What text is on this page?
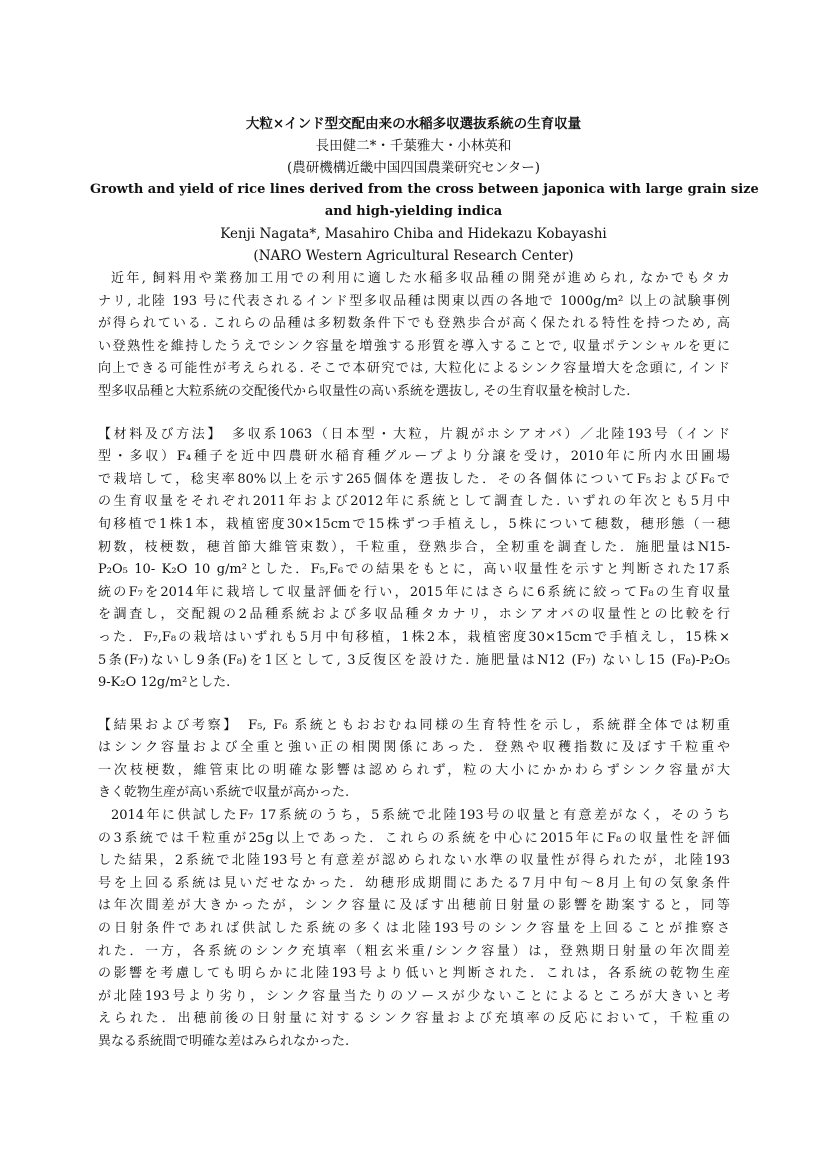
大粒×インド型交配由来の水稲多収選抜系統の生育収量
長田健二*・千葉雅大・小林英和
(農研機構近畿中国四国農業研究センター)
Growth and yield of rice lines derived from the cross between japonica with large grain size
and high-yielding indica
Kenji Nagata*, Masahiro Chiba and Hidekazu Kobayashi
(NARO Western Agricultural Research Center)
近年, 飼料用や業務加工用での利用に適した水稲多収品種の開発が進められ, なかでもタカ
ナリ, 北陸 193 号に代表されるインド型多収品種は関東以西の各地で 1000g/m² 以上の試験事例
が得られている. これらの品種は多籾数条件下でも登熟歩合が高く保たれる特性を持つため, 高
い登熟性を維持したうえでシンク容量を増強する形質を導入することで, 収量ポテンシャルを更に
向上できる可能性が考えられる. そこで本研究では, 大粒化によるシンク容量増大を念頭に, インド
型多収品種と大粒系統の交配後代から収量性の高い系統を選抜し, その生育収量を検討した.
【材料及び方法】　多収系1063（日本型・大粒，片親がホシアオバ）／北陸193号（インド
型・多収）F₄種子を近中四農研水稲育種グループより分譲を受け，2010年に所内水田圃場
で栽培して，稔実率80%以上を示す265個体を選抜した．その各個体についてF₅およびF₆で
の生育収量をそれぞれ2011年および2012年に系統として調査した. いずれの年次とも5月中
旬移植で1株1本，栽植密度30×15cmで15株ずつ手植えし，5株について穂数，穂形態（一穂
籾数，枝梗数，穂首節大維管束数），千粒重，登熟歩合，全籾重を調査した．施肥量はN15-
P₂O₅ 10- K₂O 10 g/m²とした．F₅,F₆での結果をもとに，高い収量性を示すと判断された17系
統のF₇を2014年に栽培して収量評価を行い，2015年にはさらに6系統に絞ってF₈の生育収量
を調査し，交配親の2品種系統および多収品種タカナリ，ホシアオバの収量性との比較を行
った．F₇,F₈の栽培はいずれも5月中旬移植，1株2本，栽植密度30×15cmで手植えし，15株×
5条(F₇)ないし9条(F₈)を1区として, 3反復区を設けた. 施肥量はN12 (F₇) ないし15 (F₈)-P₂O₅
9-K₂O 12g/m²とした.
【結果および考察】　F₅, F₆ 系統ともおおむね同様の生育特性を示し，系統群全体では籾重
はシンク容量および全重と強い正の相関関係にあった．登熟や収穫指数に及ぼす千粒重や
一次枝梗数，維管束比の明確な影響は認められず，粒の大小にかかわらずシンク容量が大
きく乾物生産が高い系統で収量が高かった.
2014年に供試したF₇ 17系統のうち，5系統で北陸193号の収量と有意差がなく，そのうち
の3系統では千粒重が25g以上であった．これらの系統を中心に2015年にF₈の収量性を評価
した結果，2系統で北陸193号と有意差が認められない水準の収量性が得られたが，北陸193
号を上回る系統は見いだせなかった．幼穂形成期間にあたる7月中旬〜8月上旬の気象条件
は年次間差が大きかったが，シンク容量に及ぼす出穂前日射量の影響を勘案すると，同等
の日射条件であれば供試した系統の多くは北陸193号のシンク容量を上回ることが推察さ
れた．一方，各系統のシンク充填率（粗玄米重/シンク容量）は，登熟期日射量の年次間差
の影響を考慮しても明らかに北陸193号より低いと判断された．これは，各系統の乾物生産
が北陸193号より劣り，シンク容量当たりのソースが少ないことによるところが大きいと考
えられた．出穂前後の日射量に対するシンク容量および充填率の反応において，千粒重の
異なる系統間で明確な差はみられなかった.
